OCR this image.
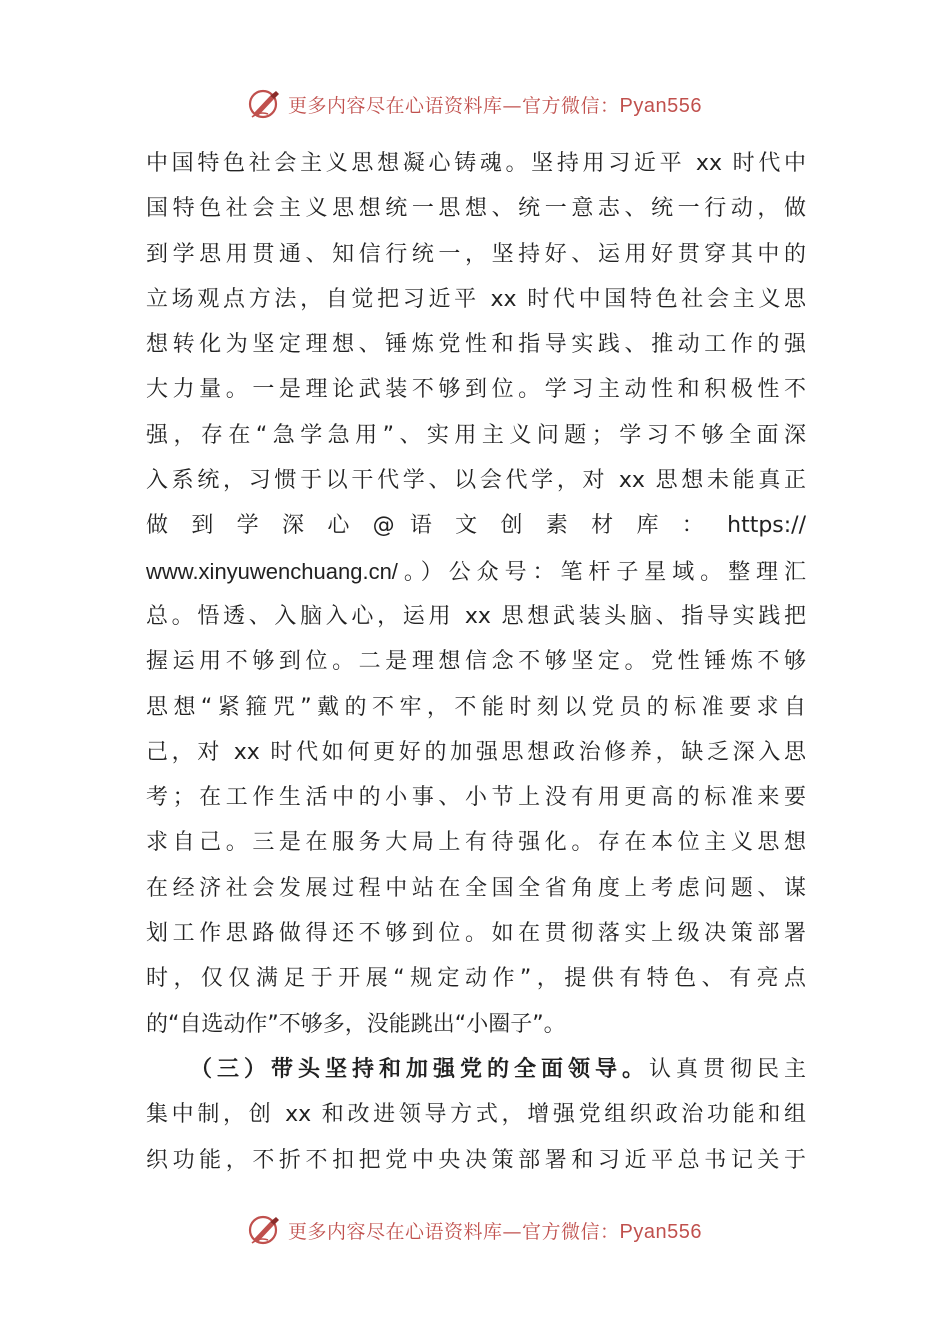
更多内容尽在心语资料库—官方微信：Pyan556
中国特色社会主义思想凝心铸魂。坚持用习近平 xx 时代中
国特色社会主义思想统一思想、统一意志、统一行动，做
到学思用贯通、知信行统一，坚持好、运用好贯穿其中的
立场观点方法，自觉把习近平 xx 时代中国特色社会主义思
想转化为坚定理想、锤炼党性和指导实践、推动工作的强
大力量。一是理论武装不够到位。学习主动性和积极性不
强，存在“急学急用”、实用主义问题；学习不够全面深
入系统，习惯于以干代学、以会代学，对 xx 思想未能真正
做 到 学 深 心 @ 语 文 创 素 材 库 ： https://
www.xinyuwenchuang.cn/。）公众号：笔杆子星域。整理汇
总。悟透、入脑入心，运用 xx 思想武装头脑、指导实践把
握运用不够到位。二是理想信念不够坚定。党性锤炼不够
思想“紧箍咒”戴的不牢，不能时刻以党员的标准要求自
己，对 xx 时代如何更好的加强思想政治修养，缺乏深入思
考；在工作生活中的小事、小节上没有用更高的标准来要
求自己。三是在服务大局上有待强化。存在本位主义思想
在经济社会发展过程中站在全国全省角度上考虑问题、谋
划工作思路做得还不够到位。如在贯彻落实上级决策部署
时，仅仅满足于开展“规定动作”，提供有特色、有亮点
的“自选动作”不够多，没能跳出“小圈子”。
（三）带头坚持和加强党的全面领导。认真贯彻民主
集中制，创 xx 和改进领导方式，增强党组织政治功能和组
织功能，不折不扣把党中央决策部署和习近平总书记关于
更多内容尽在心语资料库—官方微信：Pyan556
